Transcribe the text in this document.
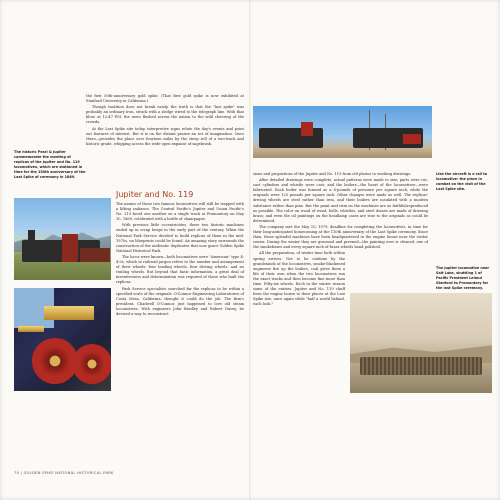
the first 50th-anniversary gold spike. (That first gold spike is now exhibited at Stanford University in California.)

Though tradition does not break easily, the truth is that the "last spike" was probably an ordinary iron, struck with a sledge wired to the telegraph line. With that blow, at 12:47 PM, the news flashed across the nation to the wild cheering of the crowds.

At the Last Spike site today, interpretive signs relate the day's events and point out features of interest. But it is on the distant prairie an act of imagination. Once there—provides the place over fourteen miles by the steep roll of a two-track and historic grade, whipping across the wide-open expanse of sagebrush.

The historic Pearl & Jupiter commemorate the meeting of replicas of the Jupiter and No. 119 locomotives, which are stationed in time for the 150th anniversary of the Last Spike of ceremony in 1869.
Jupiter and No. 119

The names of those two famous locomotives will still be trapped with a lifting radiance. The Central Pacific's Jupiter and Union Pacific's No. 119 faced one another on a single track at Promontory on May 10, 1869, celebrated with a bottle of champagne.

With previous little eccentricities, these two historic machines ended up in scrap heaps in the early part of the century. When the National Park Service decided to build replicas of them in the mid-1970s, no blueprints could be found. An amazing story surrounds the construction of the authentic duplicates that now grace Golden Spike National Historical Park.

The locos were known—both locomotives were "American" type 4-4-0s, which in railroad jargon refers to the number and arrangement of their wheels: four leading wheels, four driving wheels, and no trailing wheels. But beyond that basic information, a great deal of inventiveness and determination was required of those who built the replicas.

Park Service specialists searched far the replicas to be within a specified scale of the originals. O'Connor Engineering Laboratories of Costa Mesa, California, thought it could do the job. The firm's president, Chadwell O'Connor, just happened to love old steam locomotives. With engineers John Bradley and Robert Davey, he devised a way to reconstruct

70 | GOLDEN SPIKE NATIONAL HISTORICAL PARK
Like the aircraft is a rail to locomotive: the place in combat on the visit of the Last Spike site.

sions and proportions of the Jupiter and No. 119 from old photos to working drawings.

After detailed drawings were complete, actual patterns were made to size; parts were cut, cast cylinders and whistle were cast; and the boilers—the heart of the locomotives—were fabricated. Each boiler was formed as a 6-pounds of pressure per square inch, while the originals were 125 pounds per square inch. Other changes were made as well. The replicas' driving wheels are steel rather than iron, and their boilers are insulated with a modern substance rather than pine. But the paint and trim on the machines are as faithful/reproduced as possible. The color on wood of wood, bells, whistles, and steel domes are made of drawing brass; and even the oil paintings on the headlamp cases are true to the originals as could be determined.

The company met the May 10, 1979, deadline for completing the locomotives, in time for their long-anticipated homecoming at the 110th anniversary of the Last Spike ceremony. Since then, these splendid machines have been headquartered in the engine house near the visitor center. During the winter they are groomed and preened—the painting over is cleaned, one of the smokeboxes and every square inch of brass wheels hand polished.

All the preparation, of winter time both within spring arrives. Not to be outdone by the grandstands of the locomotives, smoke-blackened engineers fire up the boilers, coal gives them a life of their own when the two locomotives run the exact tracks and then become fine more than time. Fifty-six wheels. Each in the winter season some of the entries. Jupiter and No. 119 chuff from the engine house to their places at the Last Spike site, once again while "half a world behind, each look."

The Jupiter locomotive near Salt Lake, shuttling 1 of Pacific President Leland Stanford to Promontory for the last Spike ceremony.
